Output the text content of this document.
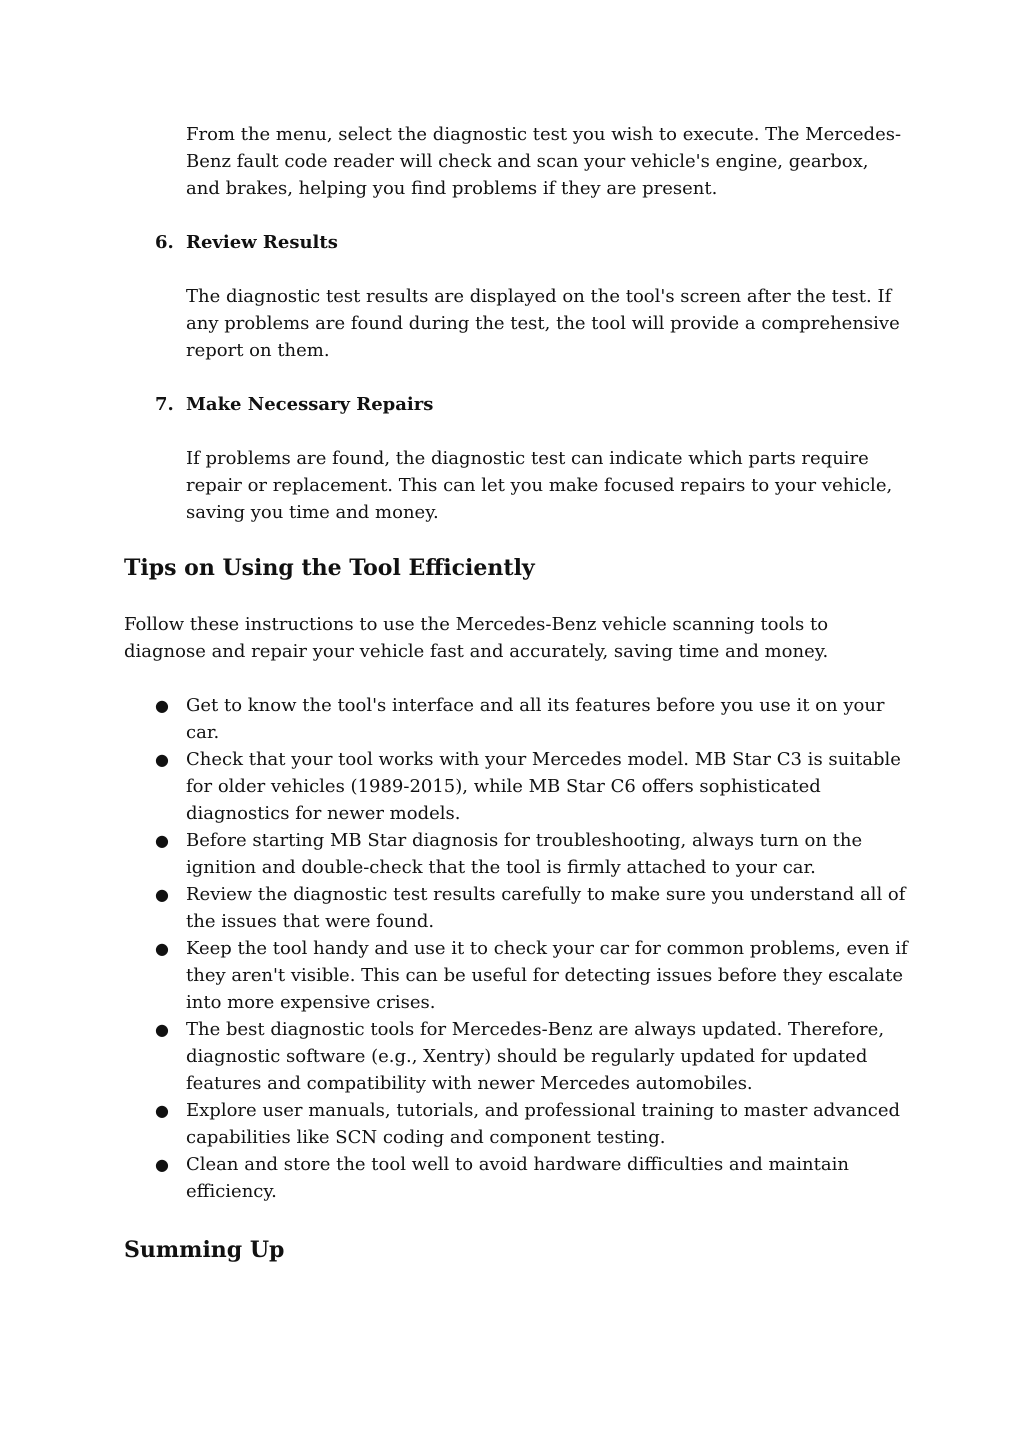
From the menu, select the diagnostic test you wish to execute. The Mercedes-Benz fault code reader will check and scan your vehicle's engine, gearbox, and brakes, helping you find problems if they are present.

6. Review Results

The diagnostic test results are displayed on the tool's screen after the test. If any problems are found during the test, the tool will provide a comprehensive report on them.

7. Make Necessary Repairs

If problems are found, the diagnostic test can indicate which parts require repair or replacement. This can let you make focused repairs to your vehicle, saving you time and money.

Tips on Using the Tool Efficiently

Follow these instructions to use the Mercedes-Benz vehicle scanning tools to diagnose and repair your vehicle fast and accurately, saving time and money.

● Get to know the tool's interface and all its features before you use it on your car.
● Check that your tool works with your Mercedes model. MB Star C3 is suitable for older vehicles (1989-2015), while MB Star C6 offers sophisticated diagnostics for newer models.
● Before starting MB Star diagnosis for troubleshooting, always turn on the ignition and double-check that the tool is firmly attached to your car.
● Review the diagnostic test results carefully to make sure you understand all of the issues that were found.
● Keep the tool handy and use it to check your car for common problems, even if they aren't visible. This can be useful for detecting issues before they escalate into more expensive crises.
● The best diagnostic tools for Mercedes-Benz are always updated. Therefore, diagnostic software (e.g., Xentry) should be regularly updated for updated features and compatibility with newer Mercedes automobiles.
● Explore user manuals, tutorials, and professional training to master advanced capabilities like SCN coding and component testing.
● Clean and store the tool well to avoid hardware difficulties and maintain efficiency.
Summing Up
